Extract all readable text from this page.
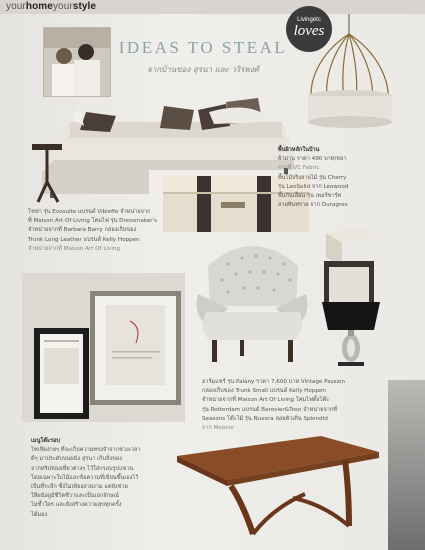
yourhomeyourstyle
Livingetc
loves
IDEAS TO STEAL
จากบ้านของ สุรนา และ วริรพงศ์
โซฟา รุ่น Evosuite แบรนด์ Vibieffe จำหน่ายจาก
ที่ Maison Art Of Living โคมไฟ รุ่น Dressmaker's
จำหน่ายจากที่ Barbara Barry กล่องเก็บของ
Trunk Long Leather แบรนด์ Kelly Hoppen
จำหน่ายจากที่ Maison Art Of Living
พื้นผิวหลักในบ้าน
ผ้าม่าน ราคา 490 บาท/หลา
จากที่ VC Fabric
พื้นไม้จริงลายไม้ รุ่น Cherry
รุ่น LeoSolid จาก Leowood
พื้นกันเลื่อน รุ่น เพอร์ซาร์ท
ลายหินทราย จาก Duragres
อาร์มแชร์ รุ่น Palany ราคา 7,600 บาท Vintage Passion
กล่องเก็บของ Trunk Small แบรนด์ Kelly Hoppen
จำหน่ายจากที่ Maison Art Of Living โคมไฟตั้งโต๊ะ
รุ่น Rotterdam แบรนด์ Barovier&Toso จำหน่ายจากที่
Seasons โต๊ะไม้ รุ่น Nuvora ลอยตัวเดิน Splendid
จาก Moonie
เมนูโต๊ะรอบ
โซเฟียง่ายๆ ที่จะเก็บความทรงจำจากช่วงเวลา
ดีๆ มาประดับบนผนัง สุรนา เก็บสิ่งของ
จากทริปท่องเที่ยวต่างๆ ไว้ใส่กรอบรูปแขวน
โดยเฉพาะใบไม้และข้อความที่เขียนขึ้นเองไว้
เป็นที่ระลึก ซึ่งไม่เพียงสวยงาม แต่ยังช่วย
ให้ผนังดูมีชีวิตชีวาและเป็นเอกลักษณ์
ไม่ซ้ำใคร และยังสร้างความสุขทุกครั้ง
ได้มอง
